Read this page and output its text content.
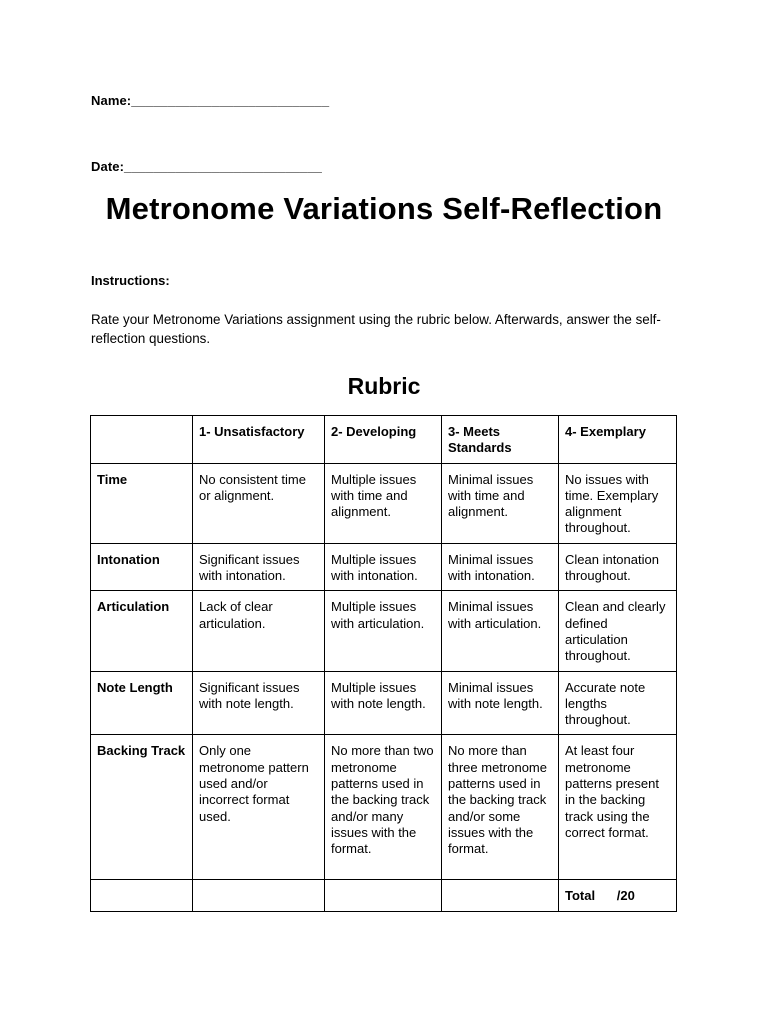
Name:___________________________
Date:___________________________
Metronome Variations Self-Reflection
Instructions:
Rate your Metronome Variations assignment using the rubric below. Afterwards, answer the self-reflection questions.
Rubric
	1- Unsatisfactory	2- Developing	3- Meets Standards	4- Exemplary
Time	No consistent time or alignment.	Multiple issues with time and alignment.	Minimal issues with time and alignment.	No issues with time. Exemplary alignment throughout.
Intonation	Significant issues with intonation.	Multiple issues with intonation.	Minimal issues with intonation.	Clean intonation throughout.
Articulation	Lack of clear articulation.	Multiple issues with articulation.	Minimal issues with articulation.	Clean and clearly defined articulation throughout.
Note Length	Significant issues with note length.	Multiple issues with note length.	Minimal issues with note length.	Accurate note lengths throughout.
Backing Track	Only one metronome pattern used and/or incorrect format used.	No more than two metronome patterns used in the backing track and/or many issues with the format.	No more than three metronome patterns used in the backing track and/or some issues with the format.	At least four metronome patterns present in the backing track using the correct format.
				Total      /20
